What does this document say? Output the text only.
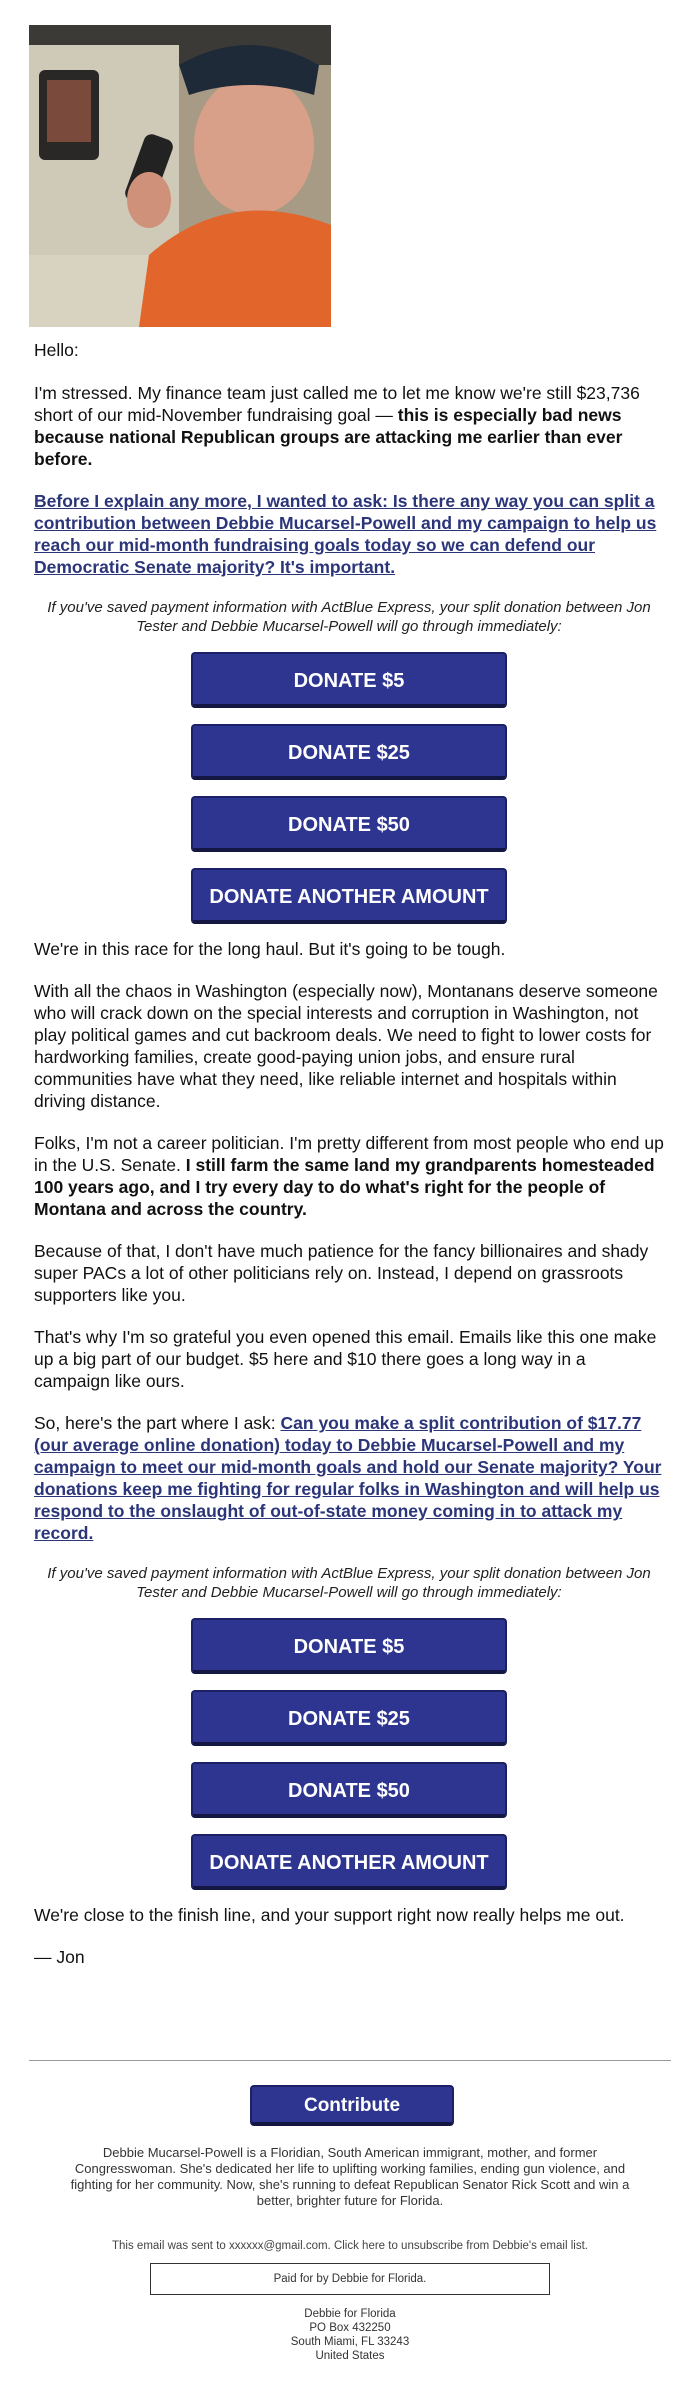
Hello:

I'm stressed. My finance team just called me to let me know we're still $23,736 short of our mid-November fundraising goal — this is especially bad news because national Republican groups are attacking me earlier than ever before.

Before I explain any more, I wanted to ask: Is there any way you can split a contribution between Debbie Mucarsel-Powell and my campaign to help us reach our mid-month fundraising goals today so we can defend our Democratic Senate majority? It's important.

If you've saved payment information with ActBlue Express, your split donation between Jon Tester and Debbie Mucarsel-Powell will go through immediately:

DONATE $5
DONATE $25
DONATE $50
DONATE ANOTHER AMOUNT

We're in this race for the long haul. But it's going to be tough.

With all the chaos in Washington (especially now), Montanans deserve someone who will crack down on the special interests and corruption in Washington, not play political games and cut backroom deals. We need to fight to lower costs for hardworking families, create good-paying union jobs, and ensure rural communities have what they need, like reliable internet and hospitals within driving distance.

Folks, I'm not a career politician. I'm pretty different from most people who end up in the U.S. Senate. I still farm the same land my grandparents homesteaded 100 years ago, and I try every day to do what's right for the people of Montana and across the country.

Because of that, I don't have much patience for the fancy billionaires and shady super PACs a lot of other politicians rely on. Instead, I depend on grassroots supporters like you.

That's why I'm so grateful you even opened this email. Emails like this one make up a big part of our budget. $5 here and $10 there goes a long way in a campaign like ours.

So, here's the part where I ask: Can you make a split contribution of $17.77 (our average online donation) today to Debbie Mucarsel-Powell and my campaign to meet our mid-month goals and hold our Senate majority? Your donations keep me fighting for regular folks in Washington and will help us respond to the onslaught of out-of-state money coming in to attack my record.

If you've saved payment information with ActBlue Express, your split donation between Jon Tester and Debbie Mucarsel-Powell will go through immediately:

DONATE $5
DONATE $25
DONATE $50
DONATE ANOTHER AMOUNT

We're close to the finish line, and your support right now really helps me out.

— Jon

Contribute
Debbie Mucarsel-Powell is a Floridian, South American immigrant, mother, and former Congresswoman. She's dedicated her life to uplifting working families, ending gun violence, and fighting for her community. Now, she's running to defeat Republican Senator Rick Scott and win a better, brighter future for Florida.
This email was sent to xxxxxx@gmail.com. Click here to unsubscribe from Debbie's email list.
Paid for by Debbie for Florida.
Debbie for Florida
PO Box 432250
South Miami, FL 33243
United States
